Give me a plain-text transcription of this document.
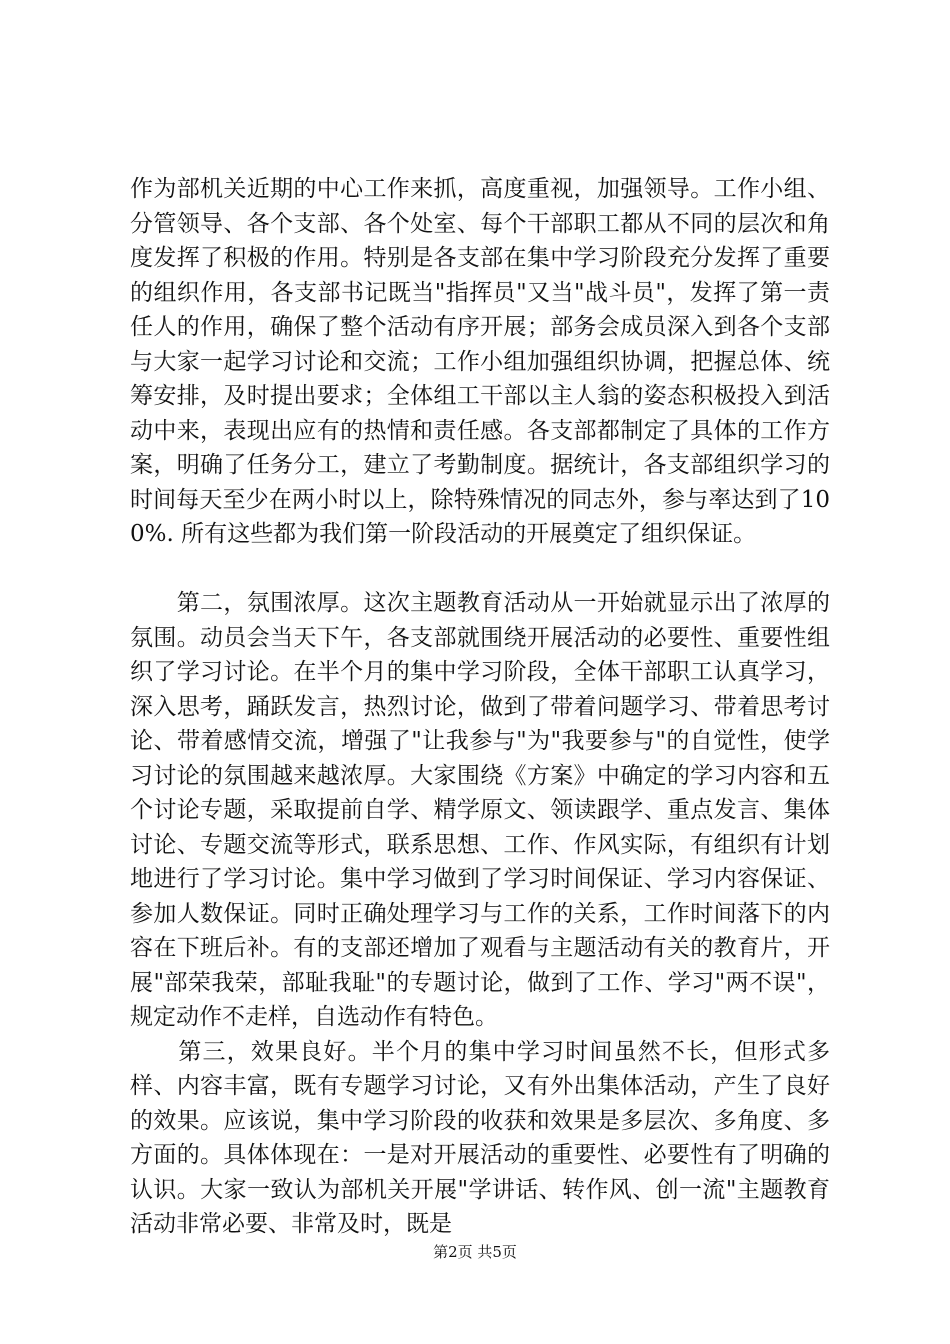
作为部机关近期的中心工作来抓，高度重视，加强领导。工作小组、分管领导、各个支部、各个处室、每个干部职工都从不同的层次和角度发挥了积极的作用。特别是各支部在集中学习阶段充分发挥了重要的组织作用，各支部书记既当"指挥员"又当"战斗员"，发挥了第一责任人的作用，确保了整个活动有序开展；部务会成员深入到各个支部与大家一起学习讨论和交流；工作小组加强组织协调，把握总体、统筹安排，及时提出要求；全体组工干部以主人翁的姿态积极投入到活动中来，表现出应有的热情和责任感。各支部都制定了具体的工作方案，明确了任务分工，建立了考勤制度。据统计，各支部组织学习的时间每天至少在两小时以上，除特殊情况的同志外，参与率达到了100%. 所有这些都为我们第一阶段活动的开展奠定了组织保证。

　　第二，氛围浓厚。这次主题教育活动从一开始就显示出了浓厚的氛围。动员会当天下午，各支部就围绕开展活动的必要性、重要性组织了学习讨论。在半个月的集中学习阶段，全体干部职工认真学习，深入思考，踊跃发言，热烈讨论，做到了带着问题学习、带着思考讨论、带着感情交流，增强了"让我参与"为"我要参与"的自觉性，使学习讨论的氛围越来越浓厚。大家围绕《方案》中确定的学习内容和五个讨论专题，采取提前自学、精学原文、领读跟学、重点发言、集体讨论、专题交流等形式，联系思想、工作、作风实际，有组织有计划地进行了学习讨论。集中学习做到了学习时间保证、学习内容保证、参加人数保证。同时正确处理学习与工作的关系，工作时间落下的内容在下班后补。有的支部还增加了观看与主题活动有关的教育片，开展"部荣我荣，部耻我耻"的专题讨论，做到了工作、学习"两不误"，规定动作不走样，自选动作有特色。

　　第三，效果良好。半个月的集中学习时间虽然不长，但形式多样、内容丰富，既有专题学习讨论，又有外出集体活动，产生了良好的效果。应该说，集中学习阶段的收获和效果是多层次、多角度、多方面的。具体体现在：一是对开展活动的重要性、必要性有了明确的认识。大家一致认为部机关开展"学讲话、转作风、创一流"主题教育活动非常必要、非常及时，既是

第2页 共5页
